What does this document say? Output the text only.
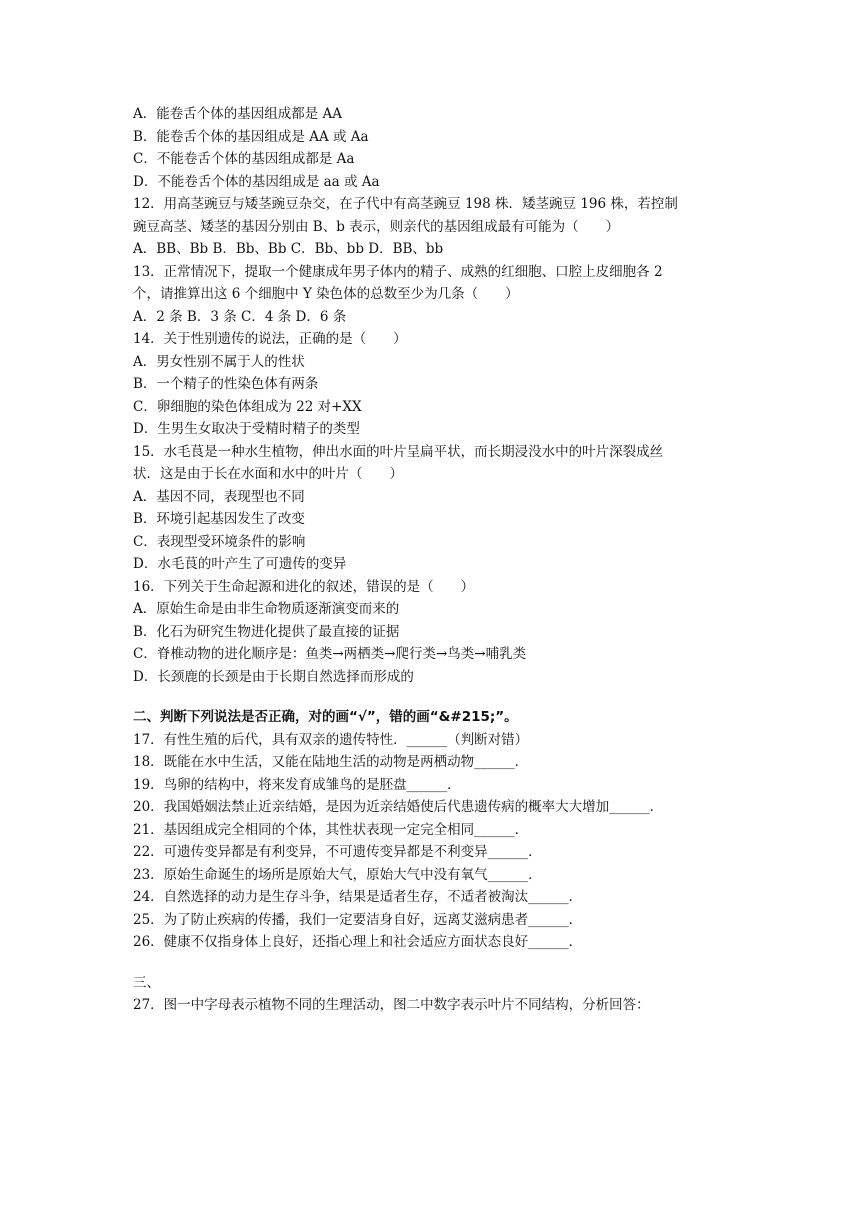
A．能卷舌个体的基因组成都是 AA
B．能卷舌个体的基因组成是 AA 或 Aa
C．不能卷舌个体的基因组成都是 Aa
D．不能卷舌个体的基因组成是 aa 或 Aa
12．用高茎豌豆与矮茎豌豆杂交，在子代中有高茎豌豆 198 株．矮茎豌豆 196 株，若控制
豌豆高茎、矮茎的基因分别由 B、b 表示，则亲代的基因组成最有可能为（　　）
A．BB、Bb B．Bb、Bb C．Bb、bb D．BB、bb
13．正常情况下，提取一个健康成年男子体内的精子、成熟的红细胞、口腔上皮细胞各 2
个，请推算出这 6 个细胞中 Y 染色体的总数至少为几条（　　）
A．2 条 B．3 条 C．4 条 D．6 条
14．关于性别遗传的说法，正确的是（　　）
A．男女性别不属于人的性状
B．一个精子的性染色体有两条
C．卵细胞的染色体组成为 22 对+XX
D．生男生女取决于受精时精子的类型
15．水毛茛是一种水生植物，伸出水面的叶片呈扁平状，而长期浸没水中的叶片深裂成丝
状．这是由于长在水面和水中的叶片（　　）
A．基因不同，表现型也不同
B．环境引起基因发生了改变
C．表现型受环境条件的影响
D．水毛茛的叶产生了可遗传的变异
16．下列关于生命起源和进化的叙述，错误的是（　　）
A．原始生命是由非生命物质逐渐演变而来的
B．化石为研究生物进化提供了最直接的证据
C．脊椎动物的进化顺序是：鱼类→两栖类→爬行类→鸟类→哺乳类
D．长颈鹿的长颈是由于长期自然选择而形成的
二、判断下列说法是否正确，对的画“√”，错的画“&#215;”。
17．有性生殖的后代，具有双亲的遗传特性．______（判断对错）
18．既能在水中生活，又能在陆地生活的动物是两栖动物______．
19．鸟卵的结构中，将来发育成雏鸟的是胚盘______．
20．我国婚姻法禁止近亲结婚，是因为近亲结婚使后代患遗传病的概率大大增加______．
21．基因组成完全相同的个体，其性状表现一定完全相同______．
22．可遗传变异都是有利变异，不可遗传变异都是不利变异______．
23．原始生命诞生的场所是原始大气，原始大气中没有氧气______．
24．自然选择的动力是生存斗争，结果是适者生存，不适者被淘汰______．
25．为了防止疾病的传播，我们一定要洁身自好，远离艾滋病患者______．
26．健康不仅指身体上良好，还指心理上和社会适应方面状态良好______．
三、
27．图一中字母表示植物不同的生理活动，图二中数字表示叶片不同结构，分析回答：
